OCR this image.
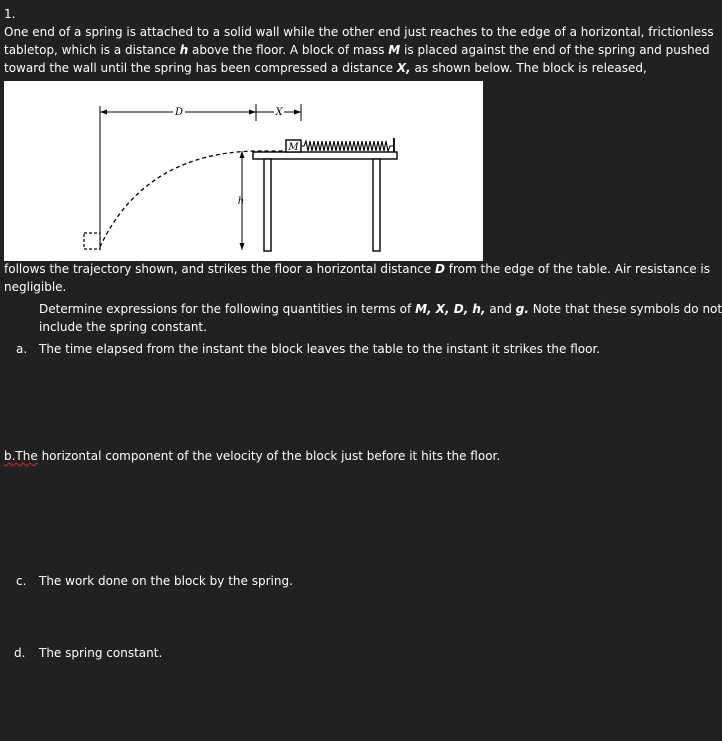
1.
One end of a spring is attached to a solid wall while the other end just reaches to the edge of a horizontal, frictionless
tabletop, which is a distance h above the floor. A block of mass M is placed against the end of the spring and pushed
toward the wall until the spring has been compressed a distance X, as shown below. The block is released,
D	X
h
M
follows the trajectory shown, and strikes the floor a horizontal distance D from the edge of the table. Air resistance is
negligible.
Determine expressions for the following quantities in terms of M, X, D, h, and g. Note that these symbols do not
include the spring constant.
a. The time elapsed from the instant the block leaves the table to the instant it strikes the floor.
b.The horizontal component of the velocity of the block just before it hits the floor.
c. The work done on the block by the spring.
d. The spring constant.
